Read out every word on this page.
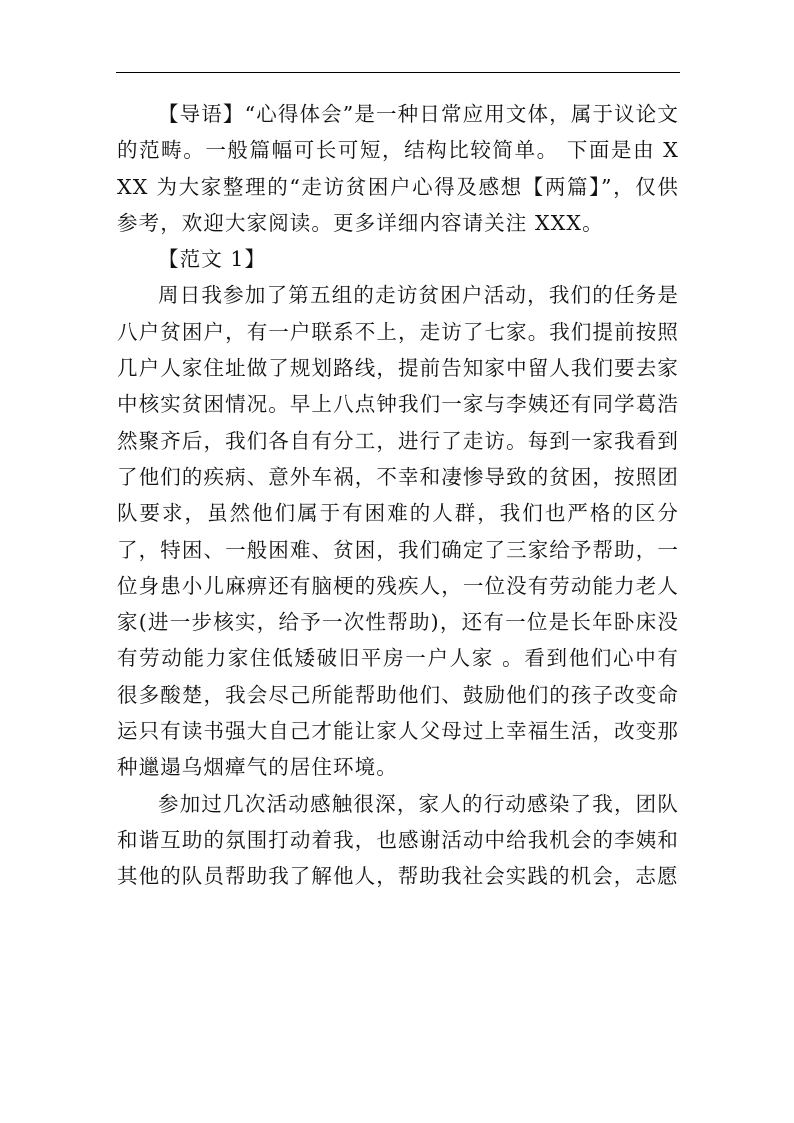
【导语】“心得体会”是一种日常应用文体，属于议论文的范畴。一般篇幅可长可短，结构比较简单。 下面是由 XXX 为大家整理的“走访贫困户心得及感想【两篇】”，仅供参考，欢迎大家阅读。更多详细内容请关注 XXX。

【范文 1】

周日我参加了第五组的走访贫困户活动，我们的任务是八户贫困户，有一户联系不上，走访了七家。我们提前按照几户人家住址做了规划路线，提前告知家中留人我们要去家中核实贫困情况。早上八点钟我们一家与李姨还有同学葛浩然聚齐后，我们各自有分工，进行了走访。每到一家我看到了他们的疾病、意外车祸，不幸和凄惨导致的贫困，按照团队要求，虽然他们属于有困难的人群，我们也严格的区分了，特困、一般困难、贫困，我们确定了三家给予帮助，一位身患小儿麻痹还有脑梗的残疾人，一位没有劳动能力老人家(进一步核实，给予一次性帮助)，还有一位是长年卧床没有劳动能力家住低矮破旧平房一户人家 。看到他们心中有很多酸楚，我会尽己所能帮助他们、鼓励他们的孩子改变命运只有读书强大自己才能让家人父母过上幸福生活，改变那种邋遢乌烟瘴气的居住环境。

参加过几次活动感触很深，家人的行动感染了我，团队和谐互助的氛围打动着我，也感谢活动中给我机会的李姨和其他的队员帮助我了解他人，帮助我社会实践的机会，志愿
